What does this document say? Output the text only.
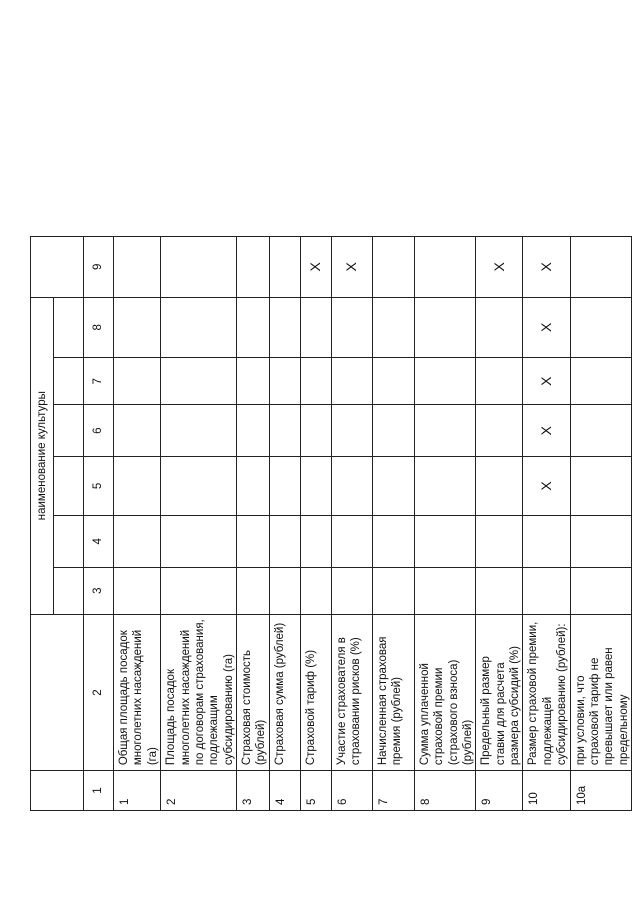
		наименование культуры						

1	2	3	4	5	6	7	8	9
1	Общая площадь посадок многолетних насаждений (га)							
2	Площадь посадок многолетних насаждений по договорам страхования, подлежащим субсидированию (га)							
3	Страховая стоимость (рублей)							
4	Страховая сумма (рублей)							
5	Страховой тариф (%)							X
6	Участие страхователя в страховании рисков (%)							X
7	Начисленная страховая премия (рублей)							
8	Сумма уплаченной страховой премии (страхового взноса) (рублей)							
9	Предельный размер ставки для расчета размера субсидий (%)							X
10	Размер страховой премии, подлежащей субсидированию (рублей):			X	X	X	X	X
10а	при условии, что страховой тариф не превышает или равен предельному							
